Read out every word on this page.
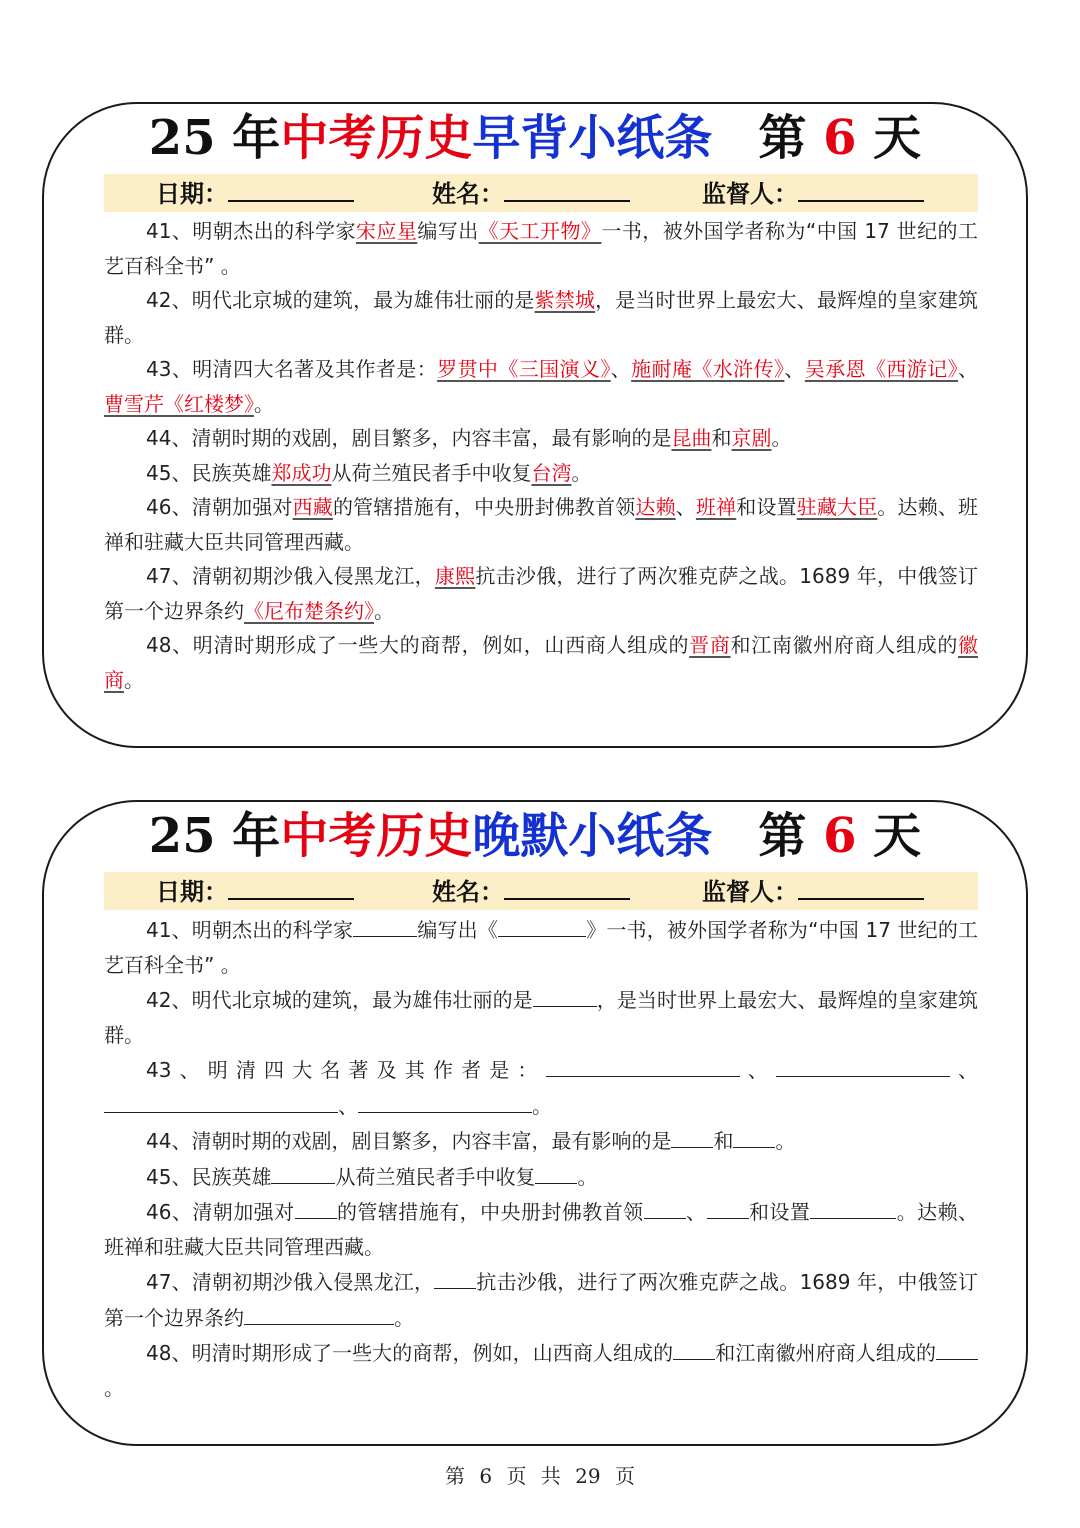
25 年中考历史早背小纸条 第 6 天
日期：	姓名：	监督人：

41、明朝杰出的科学家宋应星编写出《天工开物》一书，被外国学者称为“中国 17 世纪的工艺百科全书” 。

42、明代北京城的建筑，最为雄伟壮丽的是紫禁城，是当时世界上最宏大、最辉煌的皇家建筑群。

43、明清四大名著及其作者是：罗贯中《三国演义》、施耐庵《水浒传》、吴承恩《西游记》、曹雪芹《红楼梦》。

44、清朝时期的戏剧，剧目繁多，内容丰富，最有影响的是昆曲和京剧。

45、民族英雄郑成功从荷兰殖民者手中收复台湾。

46、清朝加强对西藏的管辖措施有，中央册封佛教首领达赖、班禅和设置驻藏大臣。达赖、班禅和驻藏大臣共同管理西藏。

47、清朝初期沙俄入侵黑龙江，康熙抗击沙俄，进行了两次雅克萨之战。1689 年，中俄签订第一个边界条约《尼布楚条约》。

48、明清时期形成了一些大的商帮，例如，山西商人组成的晋商和江南徽州府商人组成的徽商。

25 年中考历史晚默小纸条 第 6 天
日期：	姓名：	监督人：

41、明朝杰出的科学家	编写出《	》一书，被外国学者称为“中国 17 世纪的工艺百科全书” 。

42、明代北京城的建筑，最为雄伟壮丽的是	，是当时世界上最宏大、最辉煌的皇家建筑群。

43、明清四大名著及其作者是：	、	、、	。

44、清朝时期的戏剧，剧目繁多，内容丰富，最有影响的是 和 。

45、民族英雄	从荷兰殖民者手中收复 。

46、清朝加强对 的管辖措施有，中央册封佛教首领 、 和设置	。达赖、班禅和驻藏大臣共同管理西藏。

47、清朝初期沙俄入侵黑龙江， 抗击沙俄，进行了两次雅克萨之战。1689 年，中俄签订第一个边界条约	。

48、明清时期形成了一些大的商帮，例如，山西商人组成的 和江南徽州府商人组成的。

第 6 页 共 29 页
